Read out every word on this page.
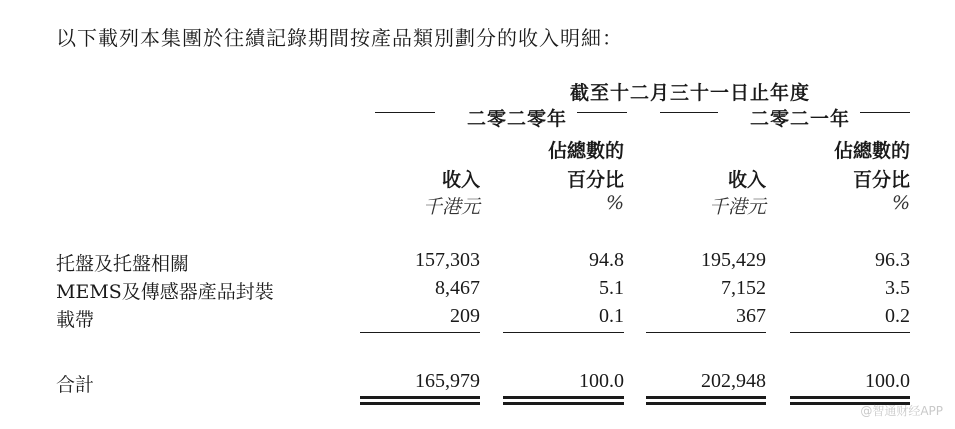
以下載列本集團於往績記錄期間按產品類別劃分的收入明細：
截至十二月三十一日止年度
二零二零年	二零二一年
佔總數的	佔總數的
收入	百分比	收入	百分比
千港元	%	千港元	%
托盤及托盤相關	157,303	94.8	195,429	96.3
MEMS及傳感器產品封裝	8,467	5.1	7,152	3.5
載帶	209	0.1	367	0.2
合計	165,979	100.0	202,948	100.0
@智通财经APP
